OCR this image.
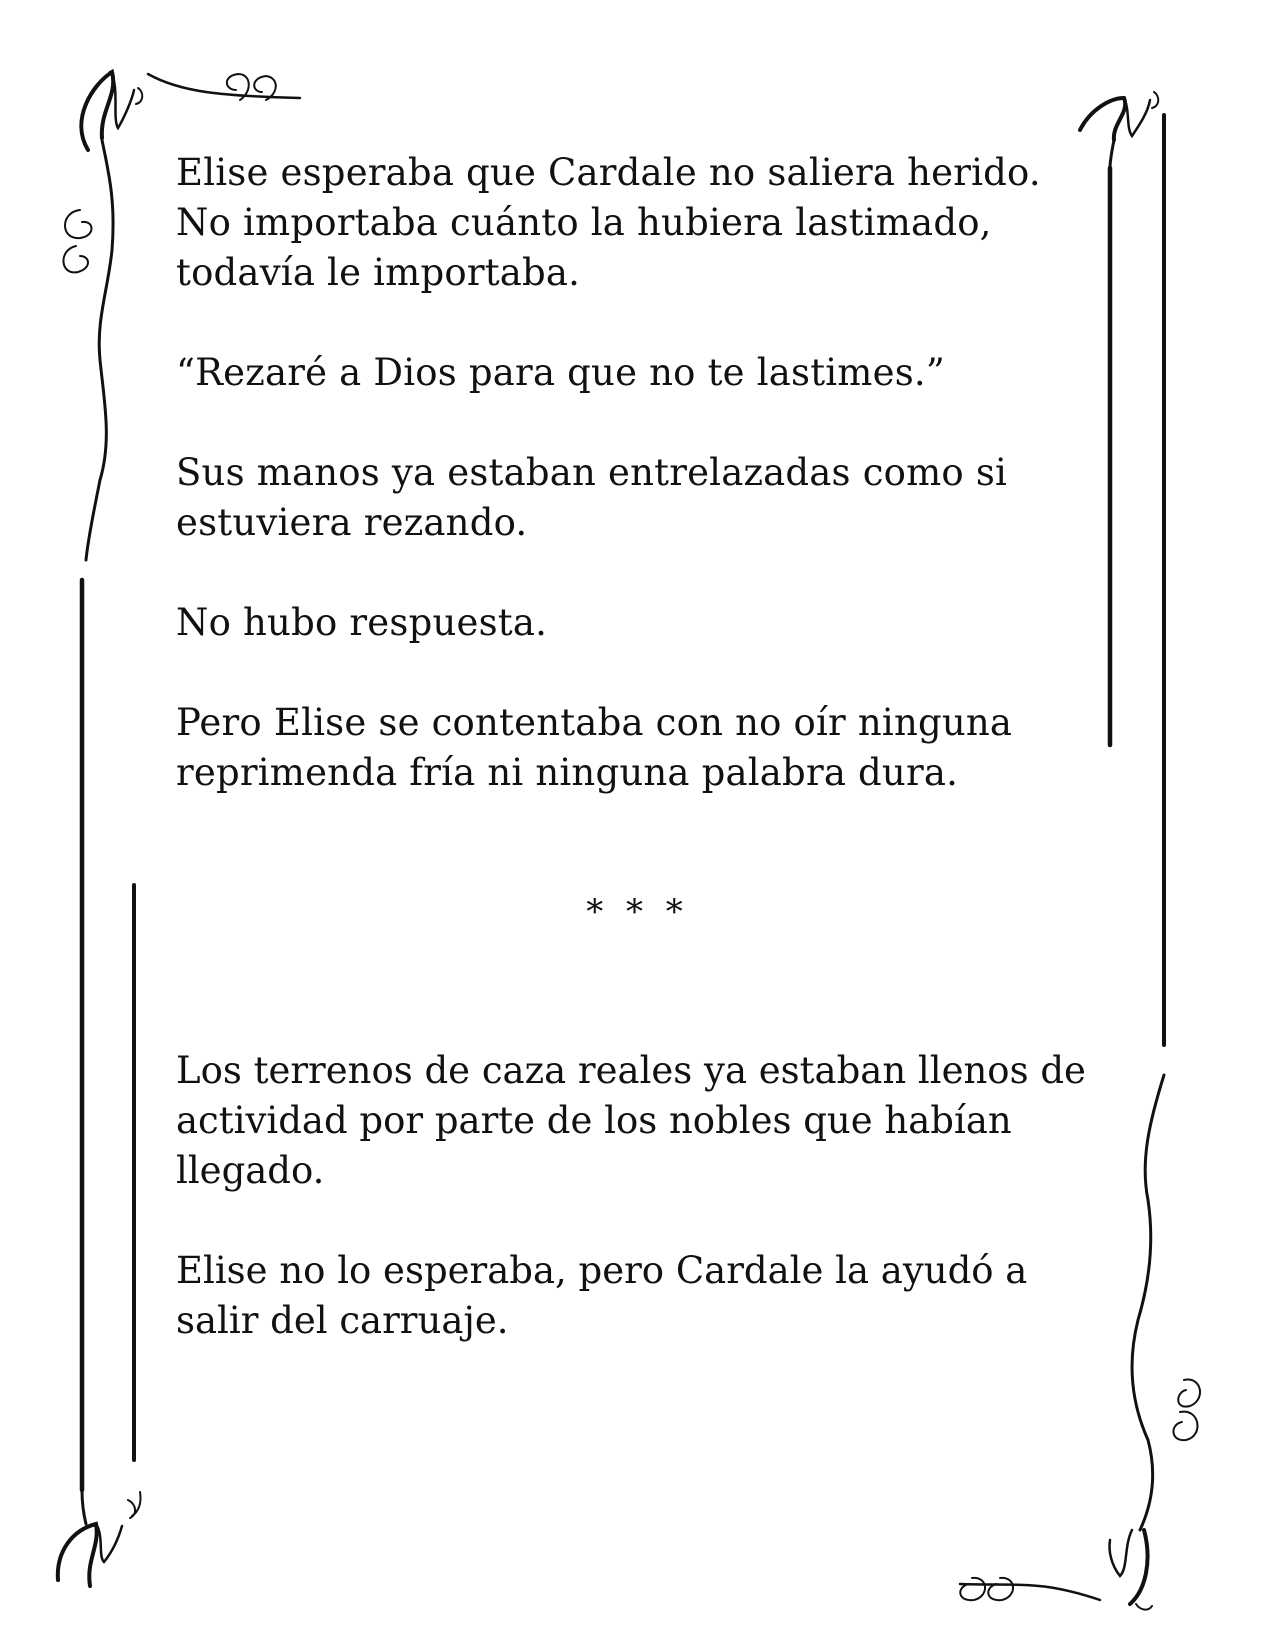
Elise esperaba que Cardale no saliera herido.
No importaba cuánto la hubiera lastimado,
todavía le importaba.

“Rezaré a Dios para que no te lastimes.”

Sus manos ya estaban entrelazadas como si
estuviera rezando.

No hubo respuesta.

Pero Elise se contentaba con no oír ninguna
reprimenda fría ni ninguna palabra dura.

* * *

Los terrenos de caza reales ya estaban llenos de
actividad por parte de los nobles que habían
llegado.

Elise no lo esperaba, pero Cardale la ayudó a
salir del carruaje.
